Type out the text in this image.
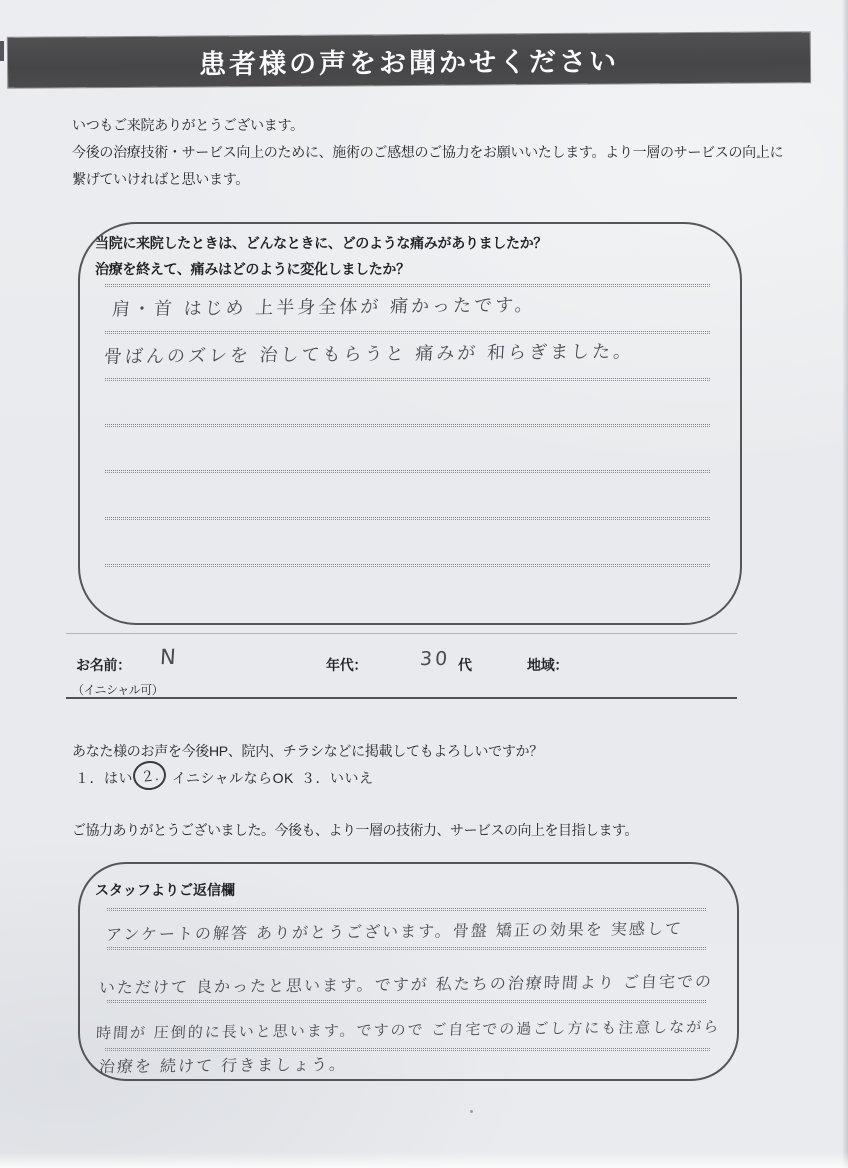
患者様の声をお聞かせください
いつもご来院ありがとうございます。
今後の治療技術・サービス向上のために、施術のご感想のご協力をお願いいたします。より一層のサービスの向上に
繋げていければと思います。
当院に来院したときは、どんなときに、どのような痛みがありましたか？
治療を終えて、痛みはどのように変化しましたか？
肩・首 はじめ 上半身全体が 痛かったです。
骨ばんのズレを 治してもらうと 痛みが 和らぎました。
お名前： N
（イニシャル可）
年代：	30 代	地域：
あなた様のお声を今後HP、院内、チラシなどに掲載してもよろしいですか？
１．はい ２. イニシャルならOK ３．いいえ
ご協力ありがとうございました。今後も、より一層の技術力、サービスの向上を目指します。
スタッフよりご返信欄
アンケートの解答 ありがとうございます。骨盤 矯正の効果を 実感して
いただけて 良かったと思います。ですが 私たちの治療時間より ご自宅での
時間が 圧倒的に長いと思います。ですので ご自宅での過ごし方にも注意しながら
治療を 続けて 行きましょう。
